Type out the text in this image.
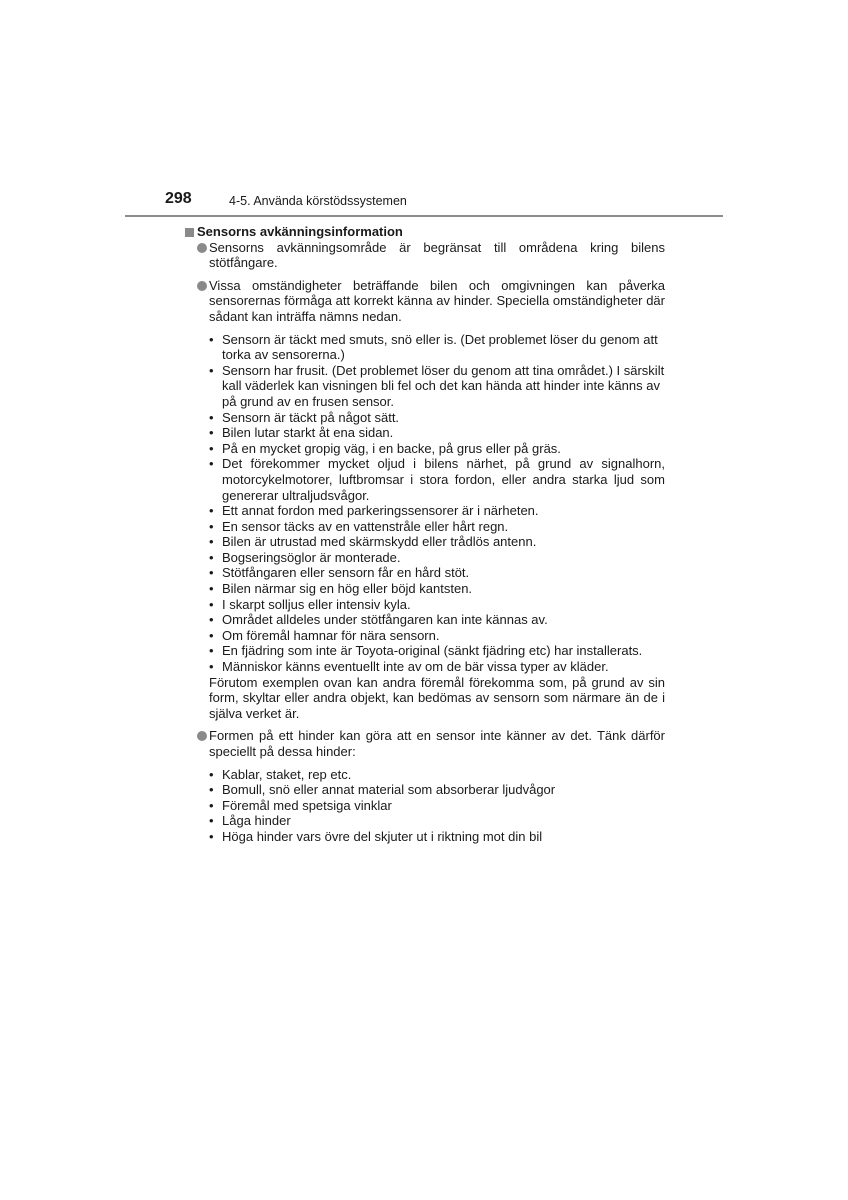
298	4-5. Använda körstödssystemen
Sensorns avkänningsinformation
Sensorns avkänningsområde är begränsat till områdena kring bilens stötfångare.
Vissa omständigheter beträffande bilen och omgivningen kan påverka sensorernas förmåga att korrekt känna av hinder. Speciella omständigheter där sådant kan inträffa nämns nedan.
• Sensorn är täckt med smuts, snö eller is. (Det problemet löser du genom att torka av sensorerna.)
• Sensorn har frusit. (Det problemet löser du genom att tina området.) I särskilt kall väderlek kan visningen bli fel och det kan hända att hinder inte känns av på grund av en frusen sensor.
• Sensorn är täckt på något sätt.
• Bilen lutar starkt åt ena sidan.
• På en mycket gropig väg, i en backe, på grus eller på gräs.
• Det förekommer mycket oljud i bilens närhet, på grund av signalhorn, motorcykelmotorer, luftbromsar i stora fordon, eller andra starka ljud som genererar ultraljudsvågor.
• Ett annat fordon med parkeringssensorer är i närheten.
• En sensor täcks av en vattenstråle eller hårt regn.
• Bilen är utrustad med skärmskydd eller trådlös antenn.
• Bogseringsöglor är monterade.
• Stötfångaren eller sensorn får en hård stöt.
• Bilen närmar sig en hög eller böjd kantsten.
• I skarpt solljus eller intensiv kyla.
• Området alldeles under stötfångaren kan inte kännas av.
• Om föremål hamnar för nära sensorn.
• En fjädring som inte är Toyota-original (sänkt fjädring etc) har installerats.
• Människor känns eventuellt inte av om de bär vissa typer av kläder.
Förutom exemplen ovan kan andra föremål förekomma som, på grund av sin form, skyltar eller andra objekt, kan bedömas av sensorn som närmare än de i själva verket är.
Formen på ett hinder kan göra att en sensor inte känner av det. Tänk därför speciellt på dessa hinder:
• Kablar, staket, rep etc.
• Bomull, snö eller annat material som absorberar ljudvågor
• Föremål med spetsiga vinklar
• Låga hinder
• Höga hinder vars övre del skjuter ut i riktning mot din bil
